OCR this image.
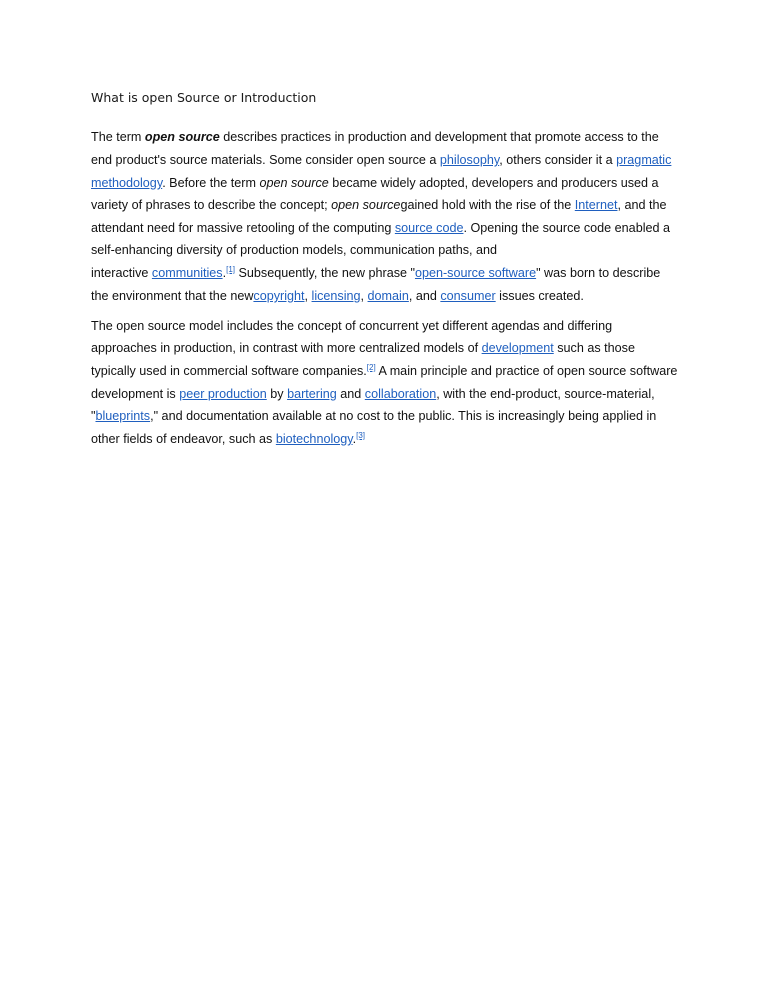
What is open Source or Introduction
The term open source describes practices in production and development that promote access to the
end product's source materials. Some consider open source a philosophy, others consider it a pragmatic
methodology. Before the term open source became widely adopted, developers and producers used a
variety of phrases to describe the concept; open sourcegained hold with the rise of the Internet, and the
attendant need for massive retooling of the computing source code. Opening the source code enabled a
self-enhancing diversity of production models, communication paths, and
interactive communities.[1] Subsequently, the new phrase "open-source software" was born to describe
the environment that the newcopyright, licensing, domain, and consumer issues created.
The open source model includes the concept of concurrent yet different agendas and differing
approaches in production, in contrast with more centralized models of development such as those
typically used in commercial software companies.[2] A main principle and practice of open source software
development is peer production by bartering and collaboration, with the end-product, source-material,
"blueprints," and documentation available at no cost to the public. This is increasingly being applied in
other fields of endeavor, such as biotechnology.[3]
